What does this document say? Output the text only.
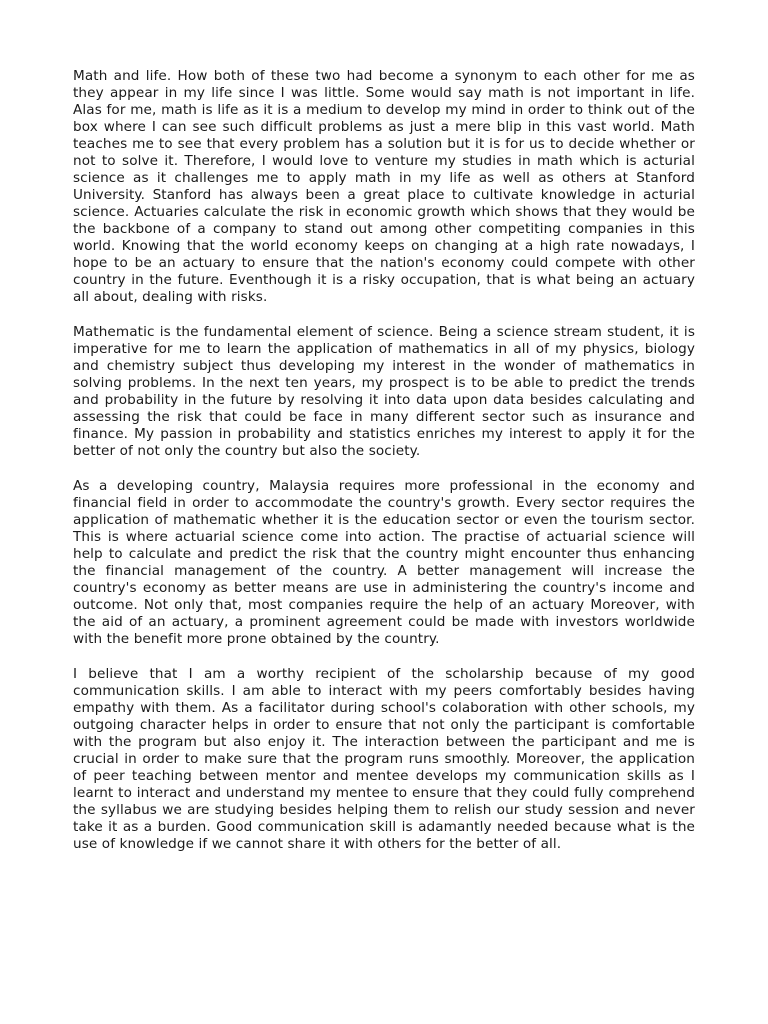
Math and life. How both of these two had become a synonym to each other for me as they appear in my life since I was little. Some would say math is not important in life. Alas for me, math is life as it is a medium to develop my mind in order to think out of the box where I can see such difficult problems as just a mere blip in this vast world. Math teaches me to see that every problem has a solution but it is for us to decide whether or not to solve it. Therefore, I would love to venture my studies in math which is acturial science as it challenges me to apply math in my life as well as others at Stanford University. Stanford has always been a great place to cultivate knowledge in acturial science. Actuaries calculate the risk in economic growth which shows that they would be the backbone of a company to stand out among other competiting companies in this world. Knowing that the world economy keeps on changing at a high rate nowadays, I hope to be an actuary to ensure that the nation's economy could compete with other country in the future. Eventhough it is a risky occupation, that is what being an actuary all about, dealing with risks.

Mathematic is the fundamental element of science. Being a science stream student, it is imperative for me to learn the application of mathematics in all of my physics, biology and chemistry subject thus developing my interest in the wonder of mathematics in solving problems. In the next ten years, my prospect is to be able to predict the trends and probability in the future by resolving it into data upon data besides calculating and assessing the risk that could be face in many different sector such as insurance and finance. My passion in probability and statistics enriches my interest to apply it for the better of not only the country but also the society.

As a developing country, Malaysia requires more professional in the economy and financial field in order to accommodate the country's growth. Every sector requires the application of mathematic whether it is the education sector or even the tourism sector. This is where actuarial science come into action. The practise of actuarial science will help to calculate and predict the risk that the country might encounter thus enhancing the financial management of the country. A better management will increase the country's economy as better means are use in administering the country's income and outcome. Not only that, most companies require the help of an actuary Moreover, with the aid of an actuary, a prominent agreement could be made with investors worldwide with the benefit more prone obtained by the country.

I believe that I am a worthy recipient of the scholarship because of my good communication skills. I am able to interact with my peers comfortably besides having empathy with them. As a facilitator during school's colaboration with other schools, my outgoing character helps in order to ensure that not only the participant is comfortable with the program but also enjoy it. The interaction between the participant and me is crucial in order to make sure that the program runs smoothly. Moreover, the application of peer teaching between mentor and mentee develops my communication skills as I learnt to interact and understand my mentee to ensure that they could fully comprehend the syllabus we are studying besides helping them to relish our study session and never take it as a burden. Good communication skill is adamantly needed because what is the use of knowledge if we cannot share it with others for the better of all.
